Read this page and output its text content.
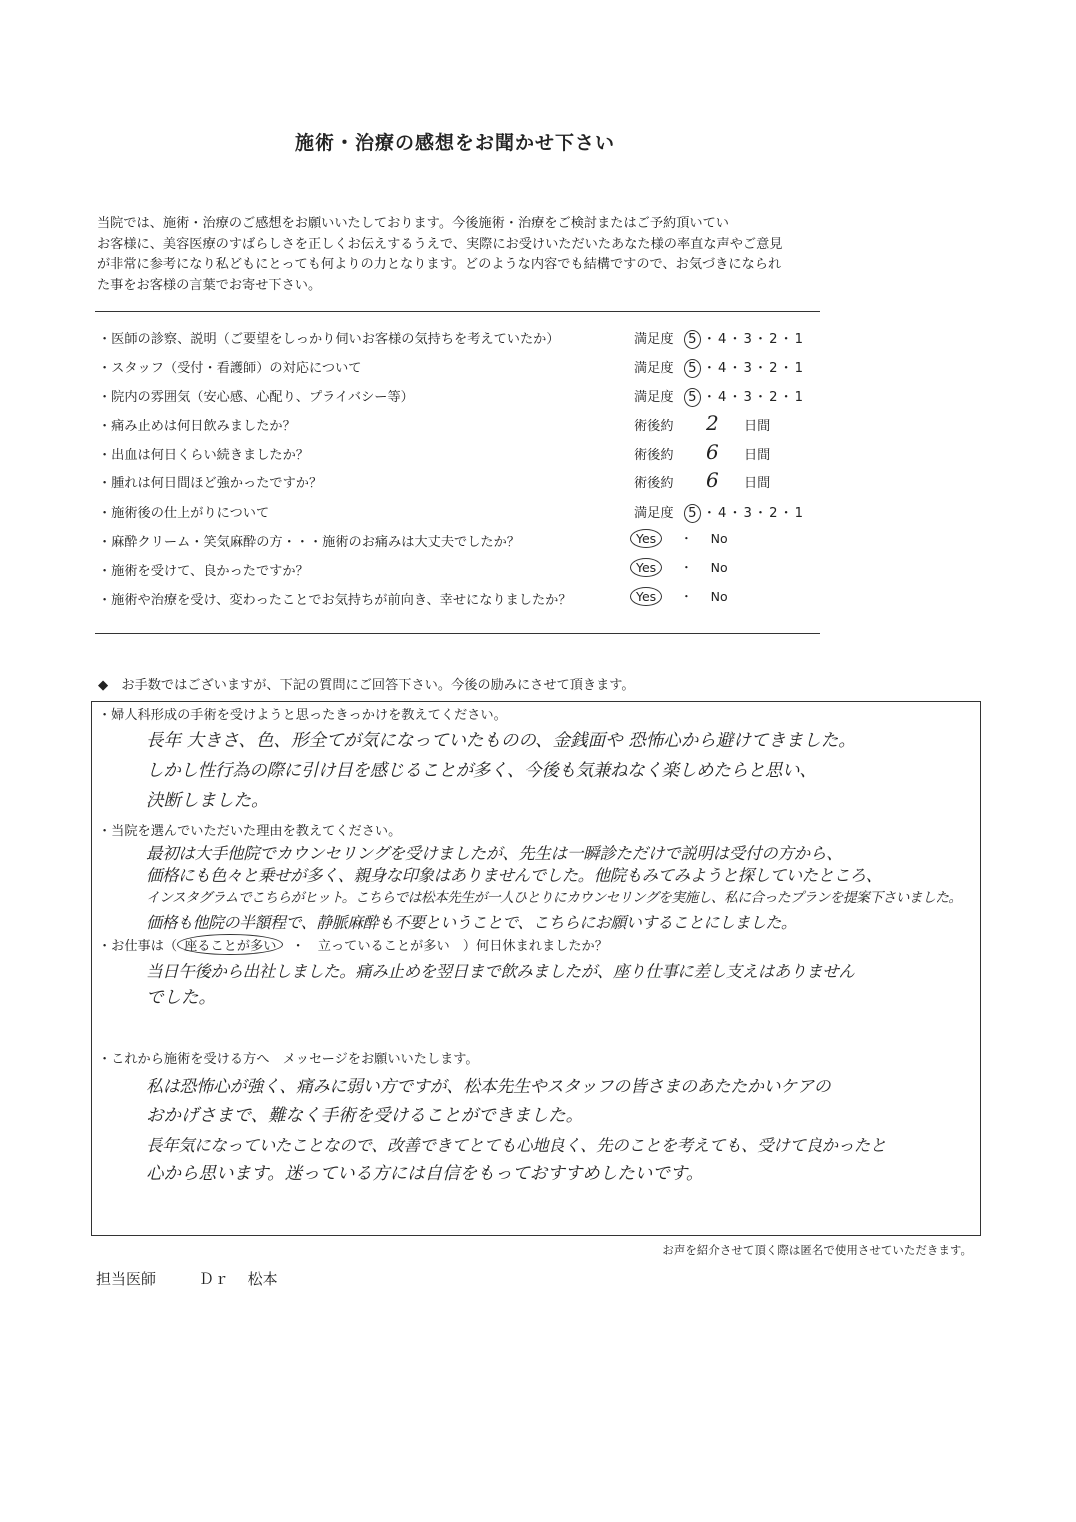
施術・治療の感想をお聞かせ下さい
当院では、施術・治療のご感想をお願いいたしております。今後施術・治療をご検討またはご予約頂いてい
お客様に、美容医療のすばらしさを正しくお伝えするうえで、実際にお受けいただいたあなた様の率直な声やご意見
が非常に参考になり私どもにとっても何よりの力となります。どのような内容でも結構ですので、お気づきになられ
た事をお客様の言葉でお寄せ下さい。
・医師の診察、説明（ご要望をしっかり伺いお客様の気持ちを考えていたか）	満足度 5 ・4・3・2・1
・スタッフ（受付・看護師）の対応について	満足度 5 ・4・3・2・1
・院内の雰囲気（安心感、心配り、プライバシー等）	満足度 5 ・4・3・2・1
・痛み止めは何日飲みましたか？	術後約 2 日間
・出血は何日くらい続きましたか？	術後約 6 日間
・腫れは何日間ほど強かったですか？	術後約 6 日間
・施術後の仕上がりについて	満足度 5 ・4・3・2・1
・麻酔クリーム・笑気麻酔の方・・・施術のお痛みは大丈夫でしたか？	Yes ・ No
・施術を受けて、良かったですか？	Yes ・ No
・施術や治療を受け、変わったことでお気持ちが前向き、幸せになりましたか？	Yes ・ No
◆　お手数ではございますが、下記の質問にご回答下さい。今後の励みにさせて頂きます。
・婦人科形成の手術を受けようと思ったきっかけを教えてください。
長年 大きさ、色、形全てが気になっていたものの、金銭面や 恐怖心から避けてきました。
しかし性行為の際に引け目を感じることが多く、今後も気兼ねなく楽しめたらと思い、
決断しました。
・当院を選んでいただいた理由を教えてください。
最初は大手他院でカウンセリングを受けましたが、先生は一瞬診ただけで説明は受付の方から、
価格にも色々と乗せが多く、親身な印象はありませんでした。他院もみてみようと探していたところ、
インスタグラムでこちらがヒット。こちらでは松本先生が一人ひとりにカウンセリングを実施し、私に合ったプランを提案下さいました。
価格も他院の半額程で、静脈麻酔も不要ということで、こちらにお願いすることにしました。
・お仕事は（ 座ることが多い ・　立っていることが多い　）何日休まれましたか？
当日午後から出社しました。痛み止めを翌日まで飲みましたが、座り仕事に差し支えはありません
でした。
・これから施術を受ける方へ　メッセージをお願いいたします。
私は恐怖心が強く、痛みに弱い方ですが、松本先生やスタッフの皆さまのあたたかいケアの
おかげさまで、難なく手術を受けることができました。
長年気になっていたことなので、改善できてとても心地良く、先のことを考えても、受けて良かったと
心から思います。迷っている方には自信をもっておすすめしたいです。
お声を紹介させて頂く際は匿名で使用させていただきます。
担当医師	Ｄｒ 松本
